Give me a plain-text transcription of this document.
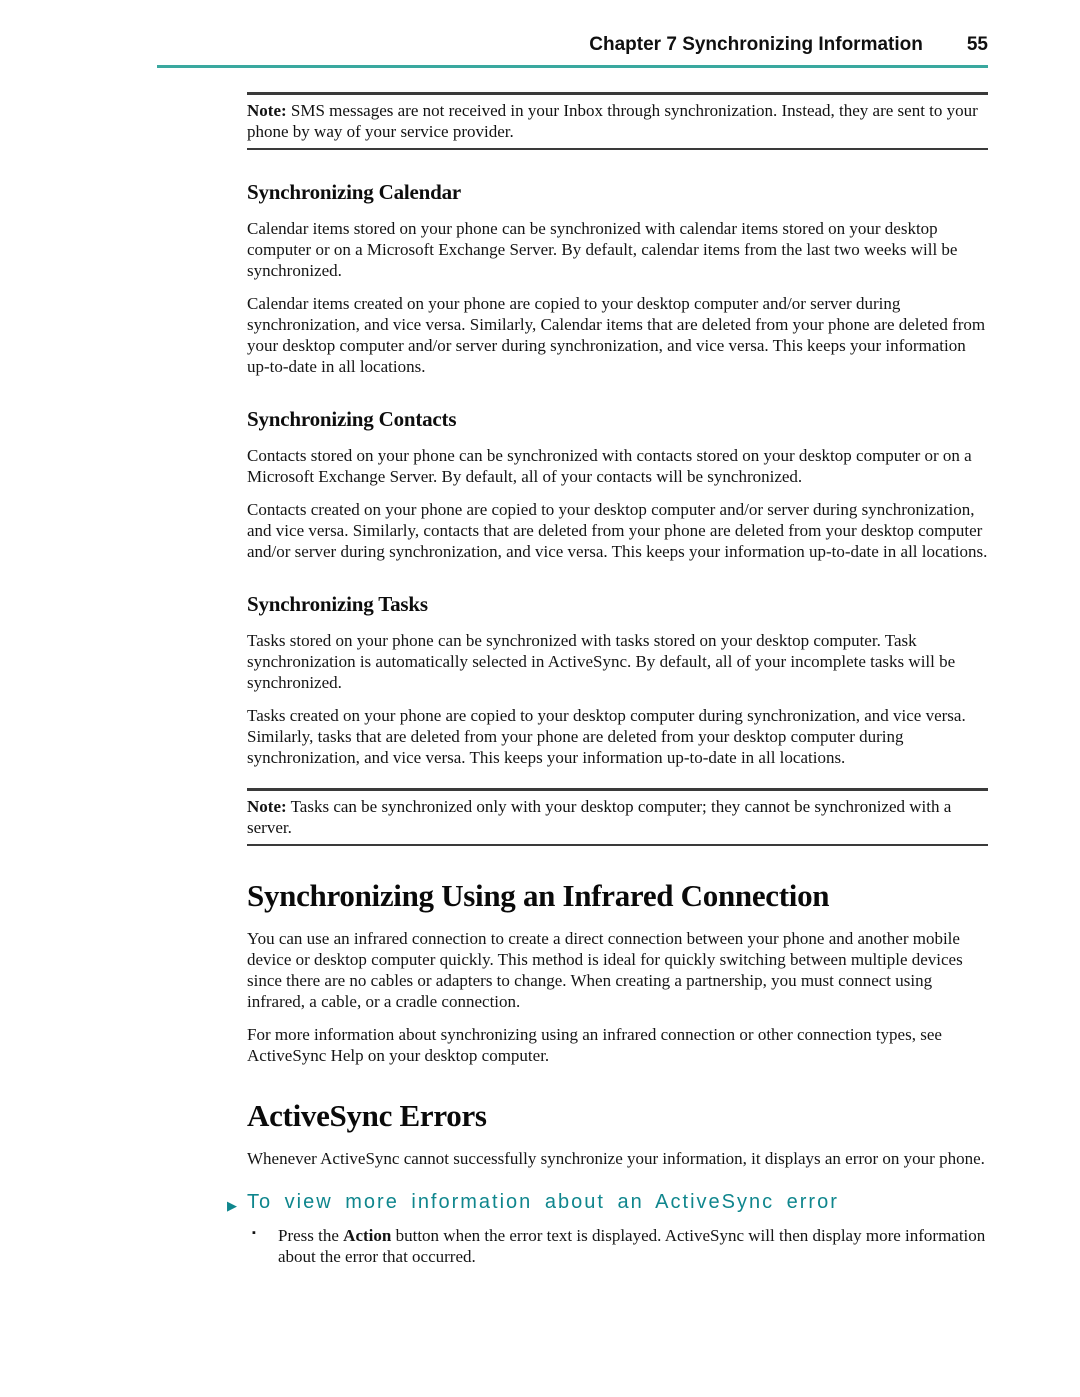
Chapter 7 Synchronizing Information 55

Note: SMS messages are not received in your Inbox through synchronization. Instead, they are sent to your phone by way of your service provider.

Synchronizing Calendar

Calendar items stored on your phone can be synchronized with calendar items stored on your desktop computer or on a Microsoft Exchange Server. By default, calendar items from the last two weeks will be synchronized.

Calendar items created on your phone are copied to your desktop computer and/or server during synchronization, and vice versa. Similarly, Calendar items that are deleted from your phone are deleted from your desktop computer and/or server during synchronization, and vice versa. This keeps your information up-to-date in all locations.

Synchronizing Contacts

Contacts stored on your phone can be synchronized with contacts stored on your desktop computer or on a Microsoft Exchange Server. By default, all of your contacts will be synchronized.

Contacts created on your phone are copied to your desktop computer and/or server during synchronization, and vice versa. Similarly, contacts that are deleted from your phone are deleted from your desktop computer and/or server during synchronization, and vice versa. This keeps your information up-to-date in all locations.

Synchronizing Tasks

Tasks stored on your phone can be synchronized with tasks stored on your desktop computer. Task synchronization is automatically selected in ActiveSync. By default, all of your incomplete tasks will be synchronized.

Tasks created on your phone are copied to your desktop computer during synchronization, and vice versa. Similarly, tasks that are deleted from your phone are deleted from your desktop computer during synchronization, and vice versa. This keeps your information up-to-date in all locations.

Note: Tasks can be synchronized only with your desktop computer; they cannot be synchronized with a server.

Synchronizing Using an Infrared Connection

You can use an infrared connection to create a direct connection between your phone and another mobile device or desktop computer quickly. This method is ideal for quickly switching between multiple devices since there are no cables or adapters to change. When creating a partnership, you must connect using infrared, a cable, or a cradle connection.

For more information about synchronizing using an infrared connection or other connection types, see ActiveSync Help on your desktop computer.

ActiveSync Errors

Whenever ActiveSync cannot successfully synchronize your information, it displays an error on your phone.

▶ To view more information about an ActiveSync error
▪	Press the Action button when the error text is displayed. ActiveSync will then display more information about the error that occurred.
